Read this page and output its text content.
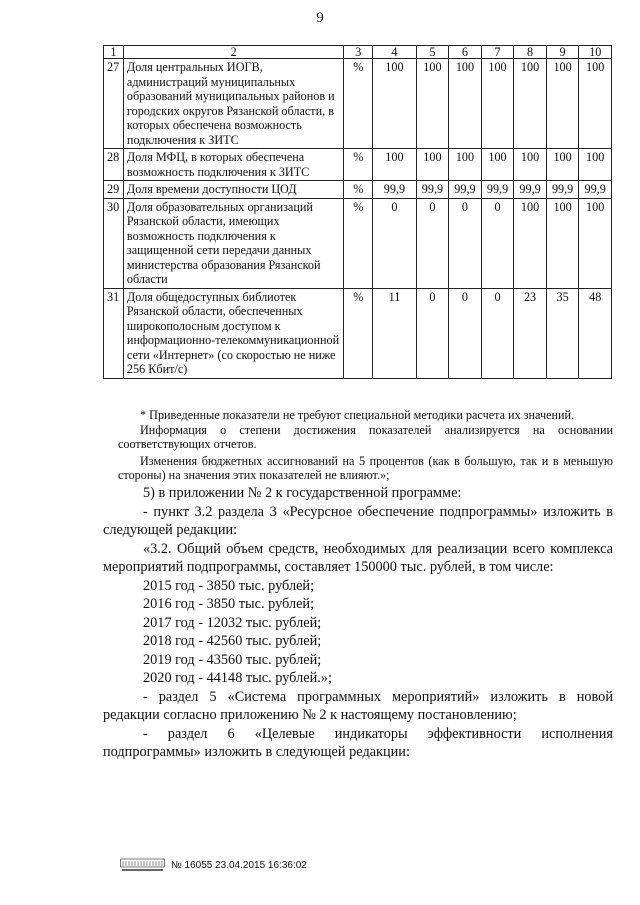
9
1	2	3	4	5	6	7	8	9	10
27	Доля центральных ИОГВ, администраций муниципальных образований муниципальных районов и городских округов Рязанской области, в которых обеспечена возможность подключения к ЗИТС	%	100	100	100	100	100	100	100
28	Доля МФЦ, в которых обеспечена возможность подключения к ЗИТС	%	100	100	100	100	100	100	100
29	Доля времени доступности ЦОД	%	99,9	99,9	99,9	99,9	99,9	99,9	99,9
30	Доля образовательных организаций Рязанской области, имеющих возможность подключения к защищенной сети передачи данных министерства образования Рязанской области	%	0	0	0	0	100	100	100
31	Доля общедоступных библиотек Рязанской области, обеспеченных широкополосным доступом к информационно-телекоммуникационной сети «Интернет» (со скоростью не ниже 256 Кбит/с)	%	11	0	0	0	23	35	48

* Приведенные показатели не требуют специальной методики расчета их значений.

Информация о степени достижения показателей анализируется на основании соответствующих отчетов.

Изменения бюджетных ассигнований на 5 процентов (как в большую, так и в меньшую стороны) на значения этих показателей не влияют.»;

5) в приложении № 2 к государственной программе:

- пункт 3.2 раздела 3 «Ресурсное обеспечение подпрограммы» изложить в следующей редакции:

«3.2. Общий объем средств, необходимых для реализации всего комплекса мероприятий подпрограммы, составляет 150000 тыс. рублей, в том числе:

2015 год - 3850 тыс. рублей;

2016 год - 3850 тыс. рублей;

2017 год - 12032 тыс. рублей;

2018 год - 42560 тыс. рублей;

2019 год - 43560 тыс. рублей;

2020 год - 44148 тыс. рублей.»;

- раздел 5 «Система программных мероприятий» изложить в новой редакции согласно приложению № 2 к настоящему постановлению;

- раздел 6 «Целевые индикаторы эффективности исполнения подпрограммы» изложить в следующей редакции:

№ 16055 23.04.2015 16:36:02
